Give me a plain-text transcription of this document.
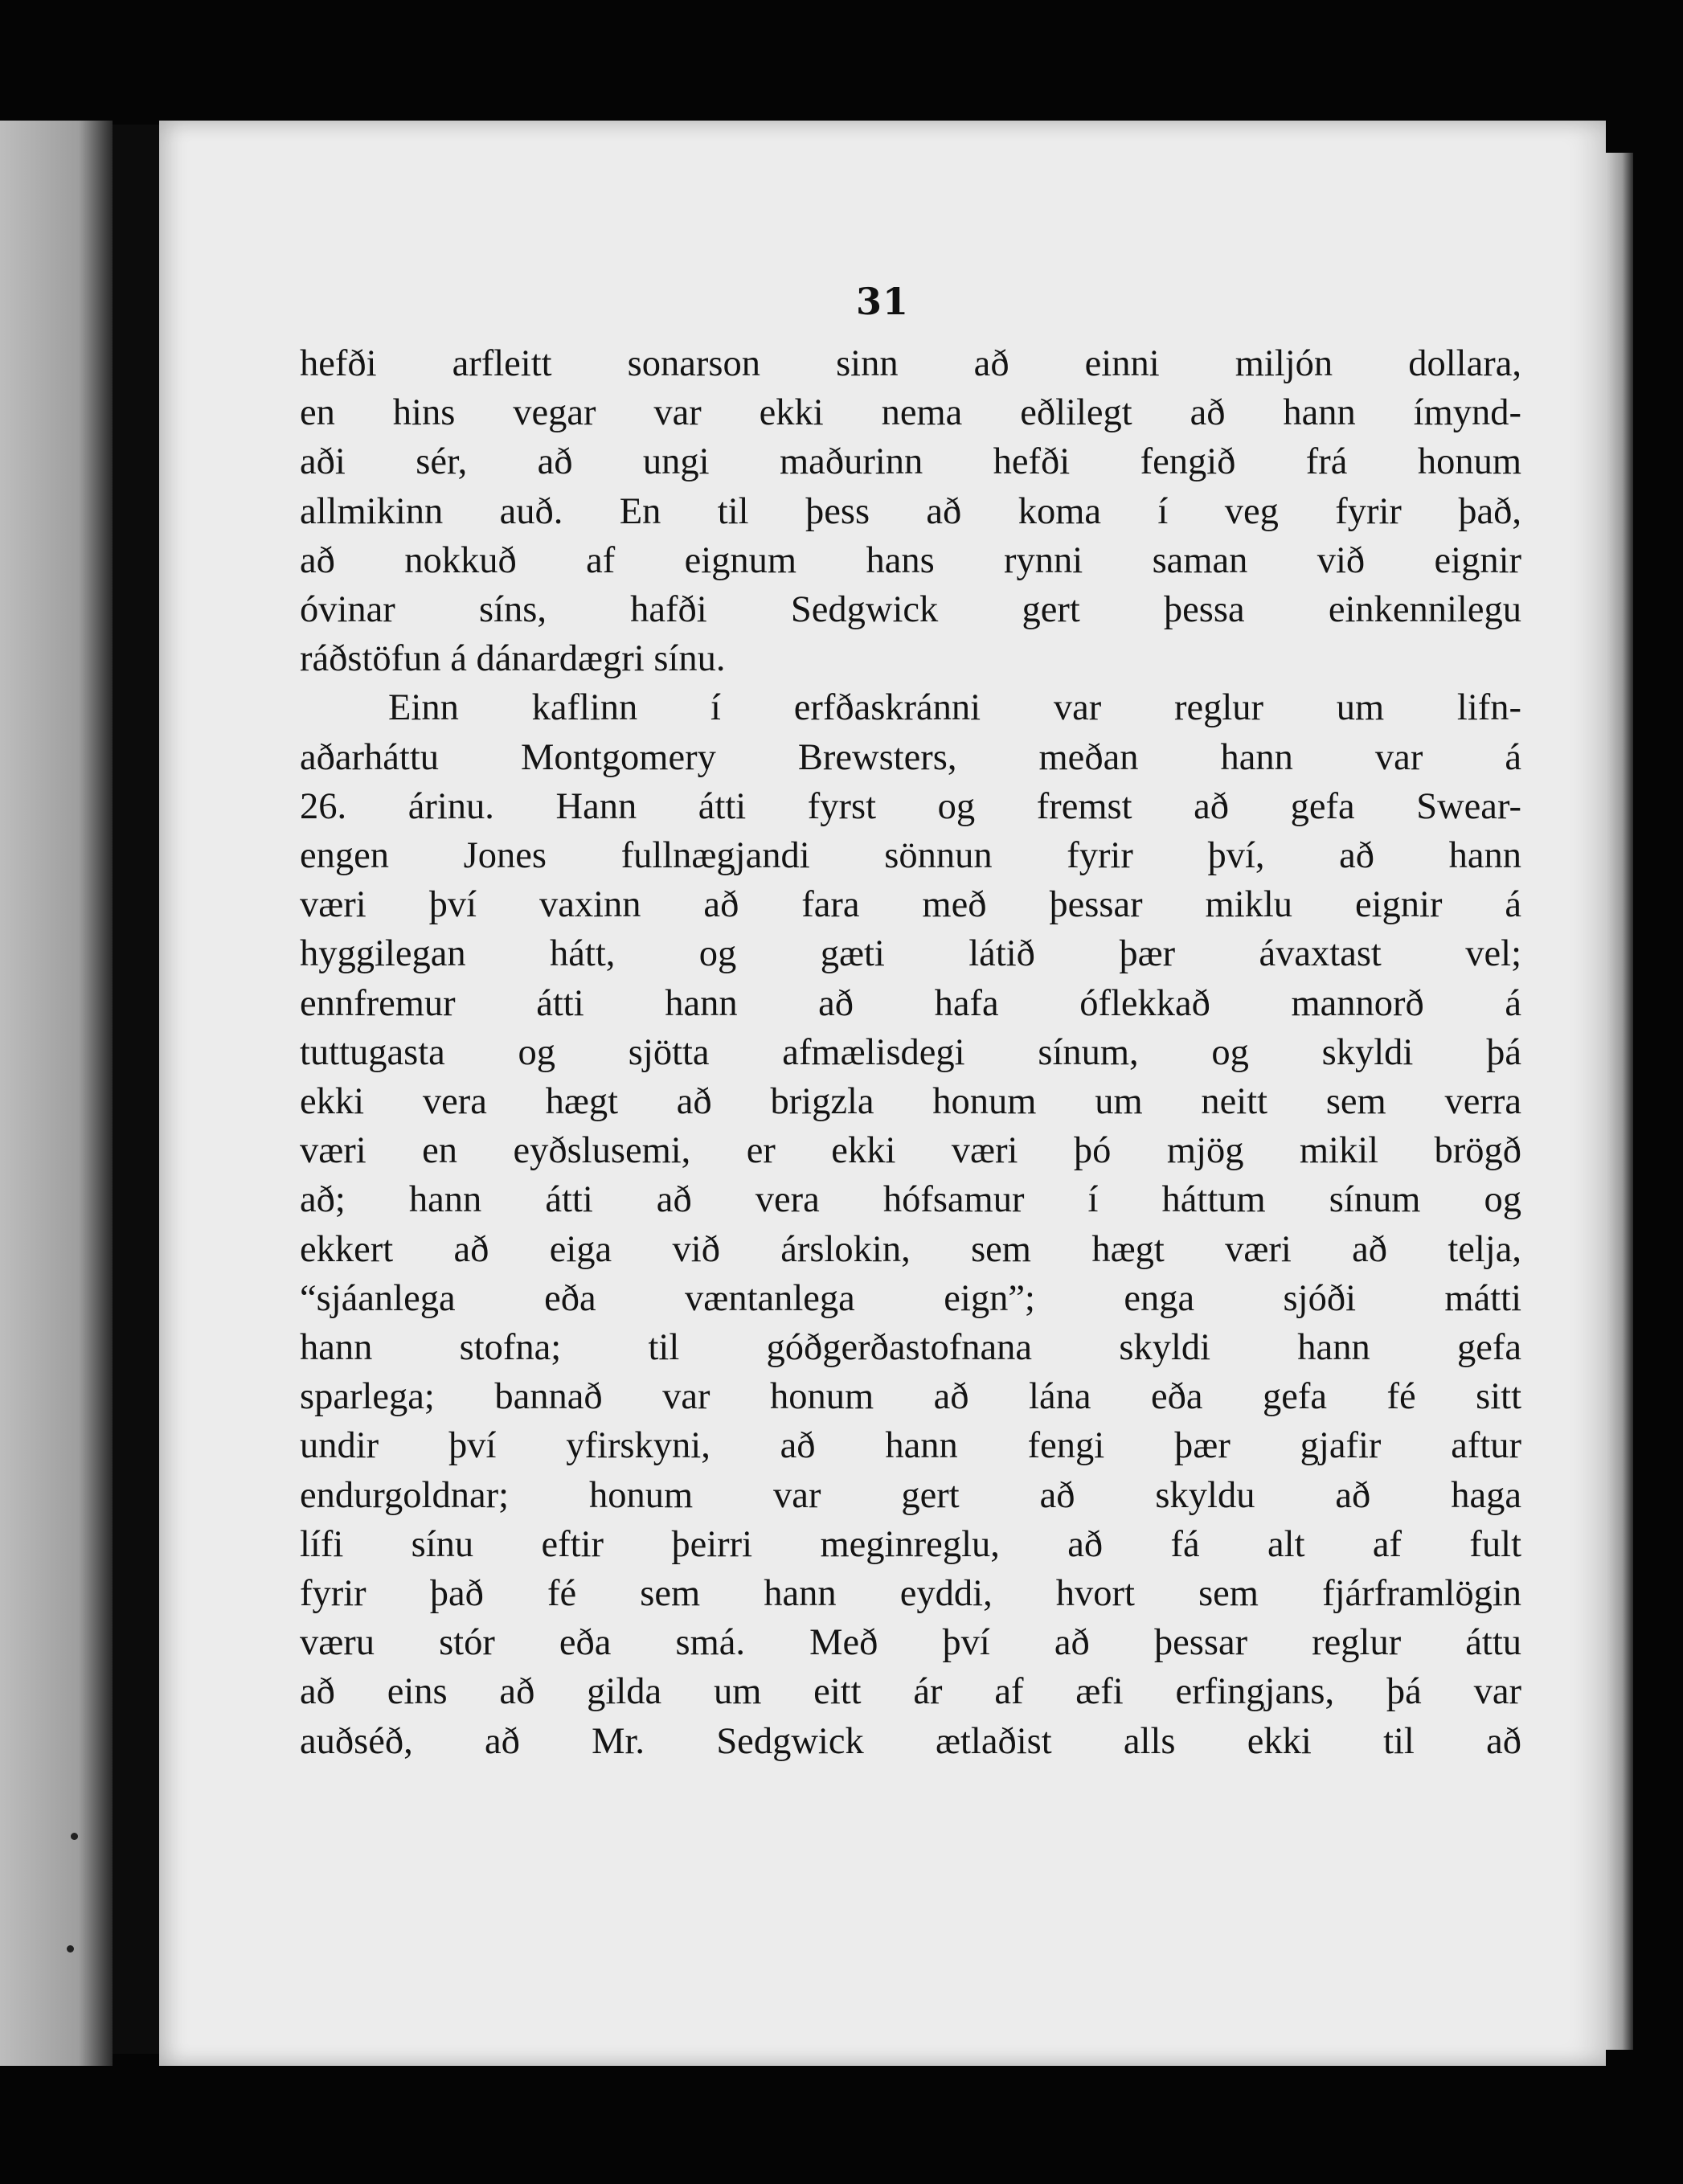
31
hefði arfleitt sonarson sinn að einni miljón dollara,
en hins vegar var ekki nema eðlilegt að hann ímynd-
aði sér, að ungi maðurinn hefði fengið frá honum
allmikinn auð. En til þess að koma í veg fyrir það,
að nokkuð af eignum hans rynni saman við eignir
óvinar síns, hafði Sedgwick gert þessa einkennilegu
ráðstöfun á dánardægri sínu.
Einn kaflinn í erfðaskránni var reglur um lifn-
aðarháttu Montgomery Brewsters, meðan hann var á
26. árinu. Hann átti fyrst og fremst að gefa Swear-
engen Jones fullnægjandi sönnun fyrir því, að hann
væri því vaxinn að fara með þessar miklu eignir á
hyggilegan hátt, og gæti látið þær ávaxtast vel;
ennfremur átti hann að hafa óflekkað mannorð á
tuttugasta og sjötta afmælisdegi sínum, og skyldi þá
ekki vera hægt að brigzla honum um neitt sem verra
væri en eyðslusemi, er ekki væri þó mjög mikil brögð
að; hann átti að vera hófsamur í háttum sínum og
ekkert að eiga við árslokin, sem hægt væri að telja,
“sjáanlega eða væntanlega eign”; enga sjóði mátti
hann stofna; til góðgerðastofnana skyldi hann gefa
sparlega; bannað var honum að lána eða gefa fé sitt
undir því yfirskyni, að hann fengi þær gjafir aftur
endurgoldnar; honum var gert að skyldu að haga
lífi sínu eftir þeirri meginreglu, að fá alt af fult
fyrir það fé sem hann eyddi, hvort sem fjárframlögin
væru stór eða smá. Með því að þessar reglur áttu
að eins að gilda um eitt ár af æfi erfingjans, þá var
auðséð, að Mr. Sedgwick ætlaðist alls ekki til að
